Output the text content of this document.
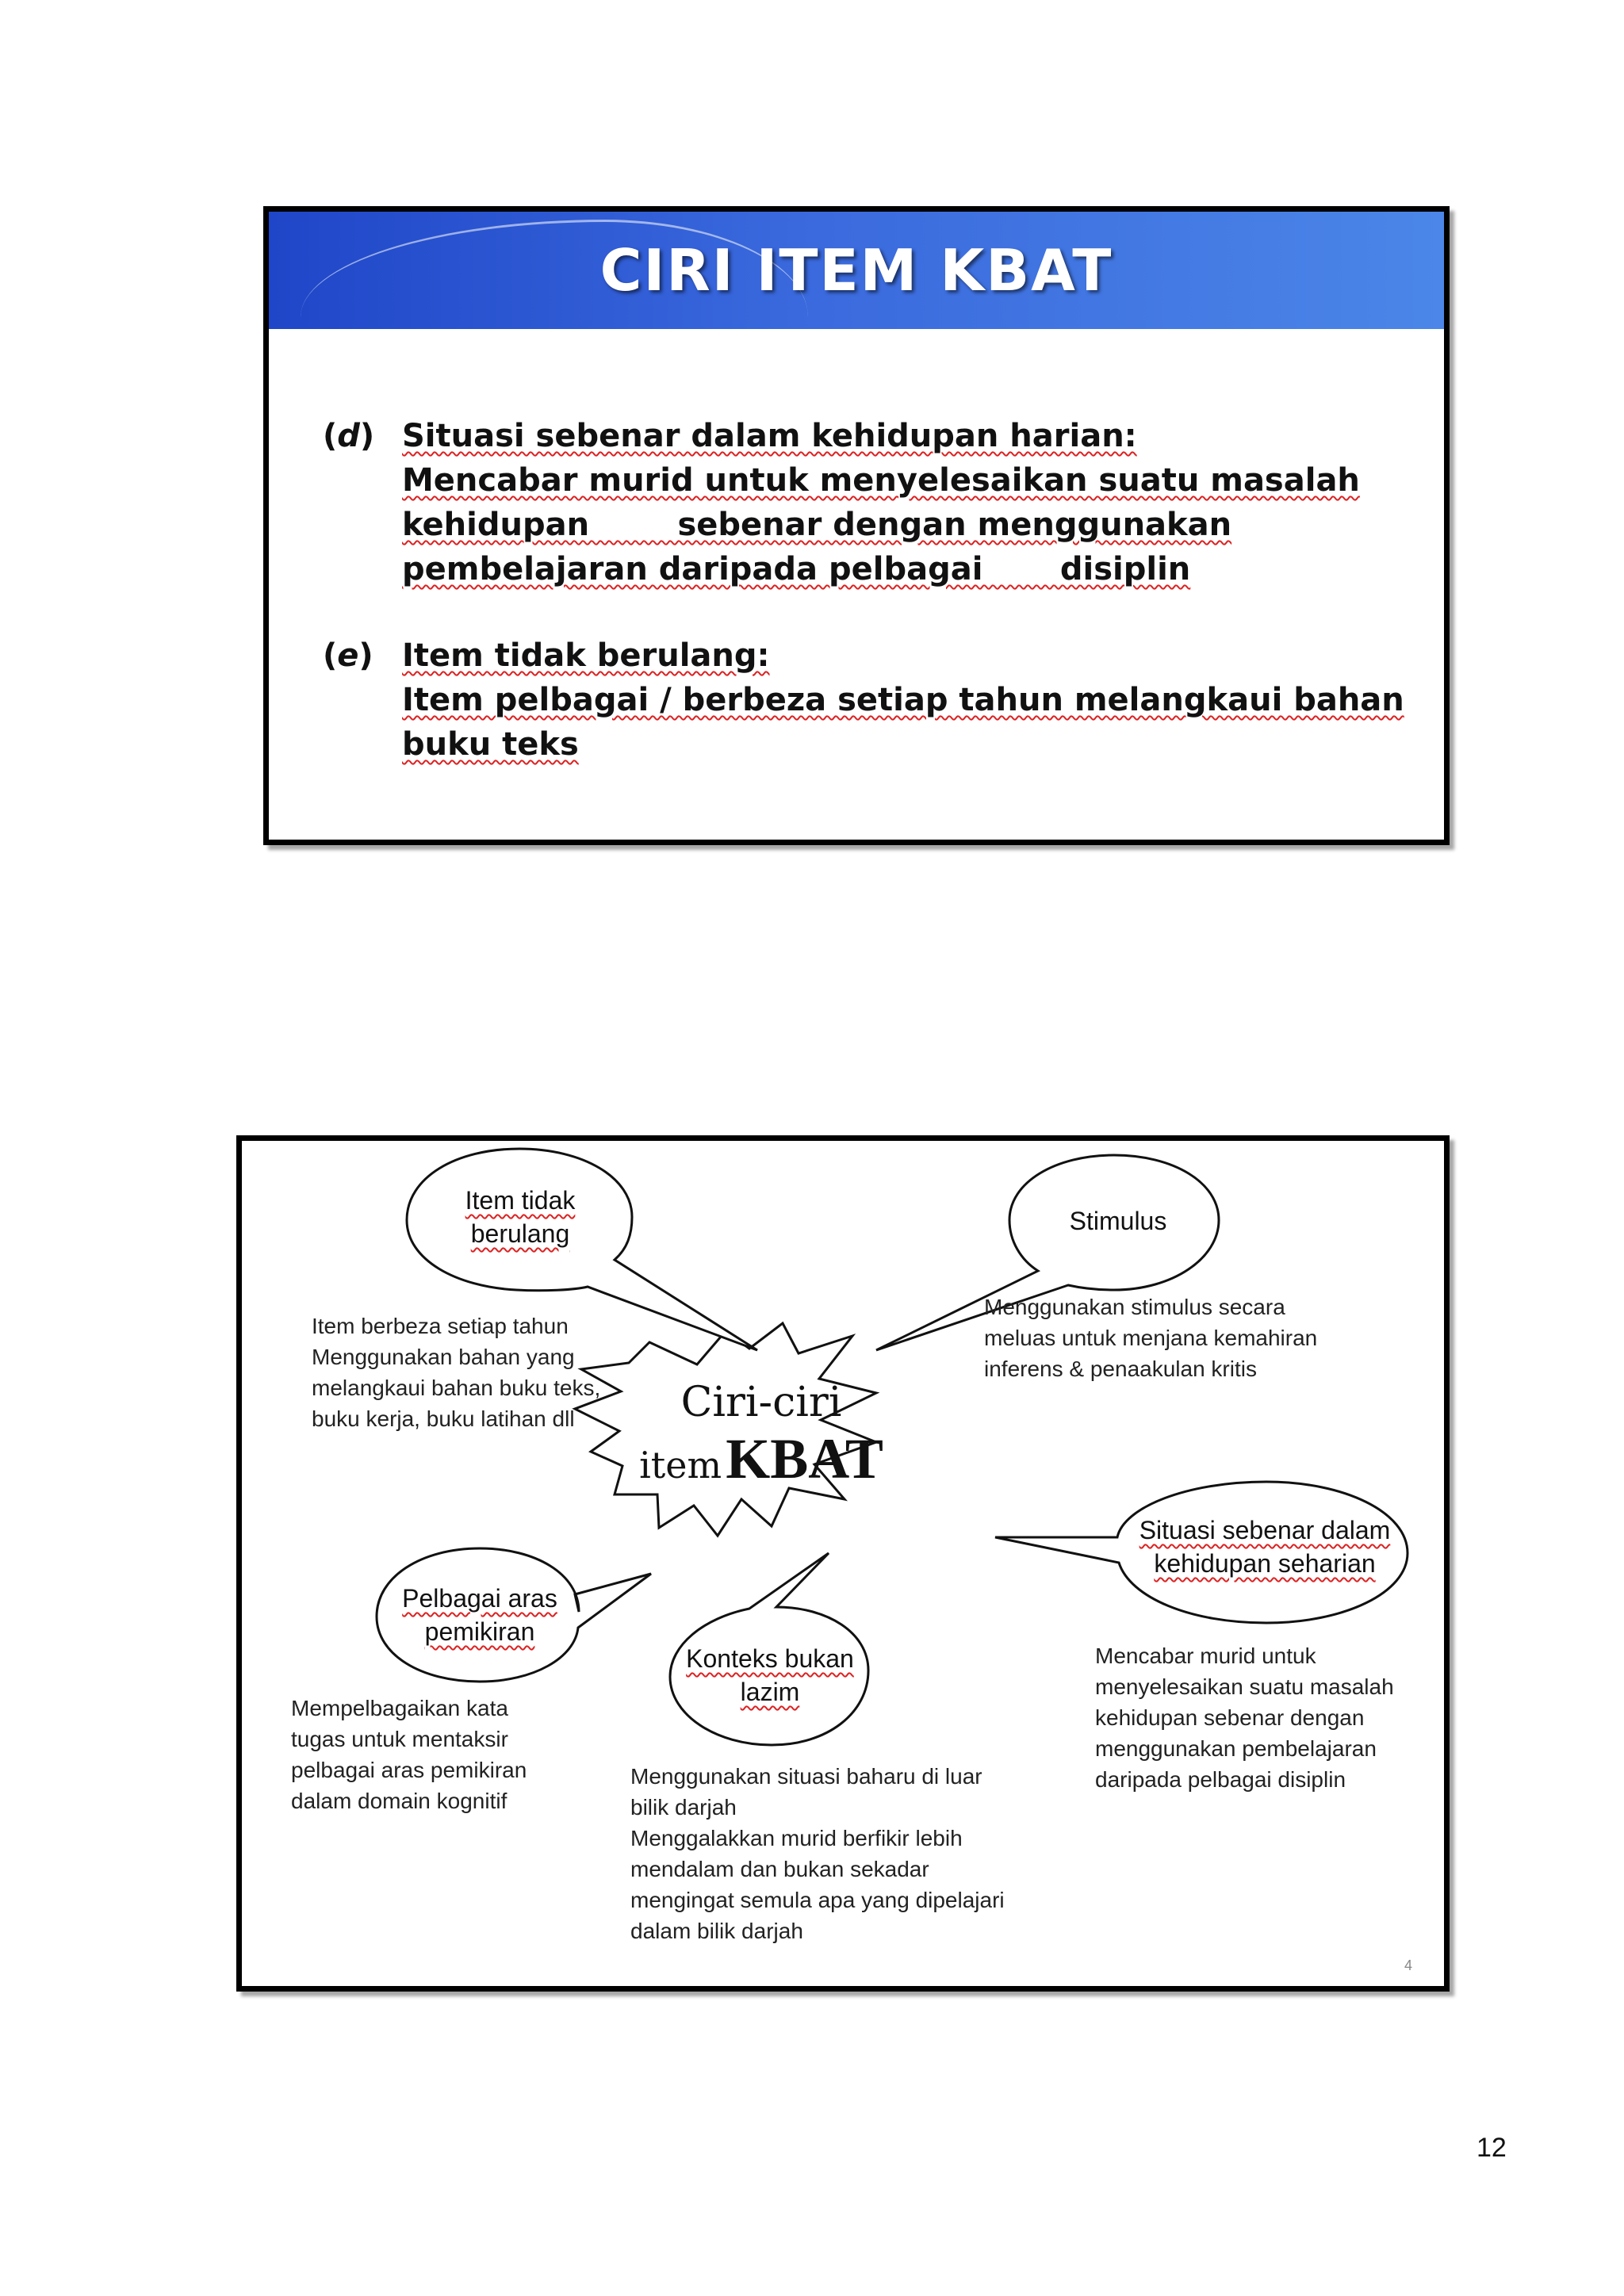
CIRI ITEM KBAT
(d) Situasi sebenar dalam kehidupan harian:
Mencabar murid untuk menyelesaikan suatu masalah
kehidupan        sebenar dengan menggunakan
pembelajaran daripada pelbagai       disiplin
(e) Item tidak berulang:
Item pelbagai / berbeza setiap tahun melangkaui bahan
buku teks
Ciri-ciri
item KBAT
Item tidak
berulang	Stimulus
Situasi sebenar dalam
kehidupan seharian
Pelbagai aras
pemikiran
Konteks bukan
lazim
Item berbeza setiap tahun
Menggunakan bahan yang
melangkaui bahan buku teks,
buku kerja, buku latihan dll
Menggunakan stimulus secara
meluas untuk menjana kemahiran
inferens & penaakulan kritis
Mencabar murid untuk
menyelesaikan suatu masalah
kehidupan sebenar dengan
menggunakan pembelajaran
daripada pelbagai disiplin
Mempelbagaikan kata
tugas untuk mentaksir
pelbagai aras pemikiran
dalam domain kognitif
Menggunakan situasi baharu di luar
bilik darjah
Menggalakkan murid berfikir lebih
mendalam dan bukan sekadar
mengingat semula apa yang dipelajari
dalam bilik darjah
4
12
